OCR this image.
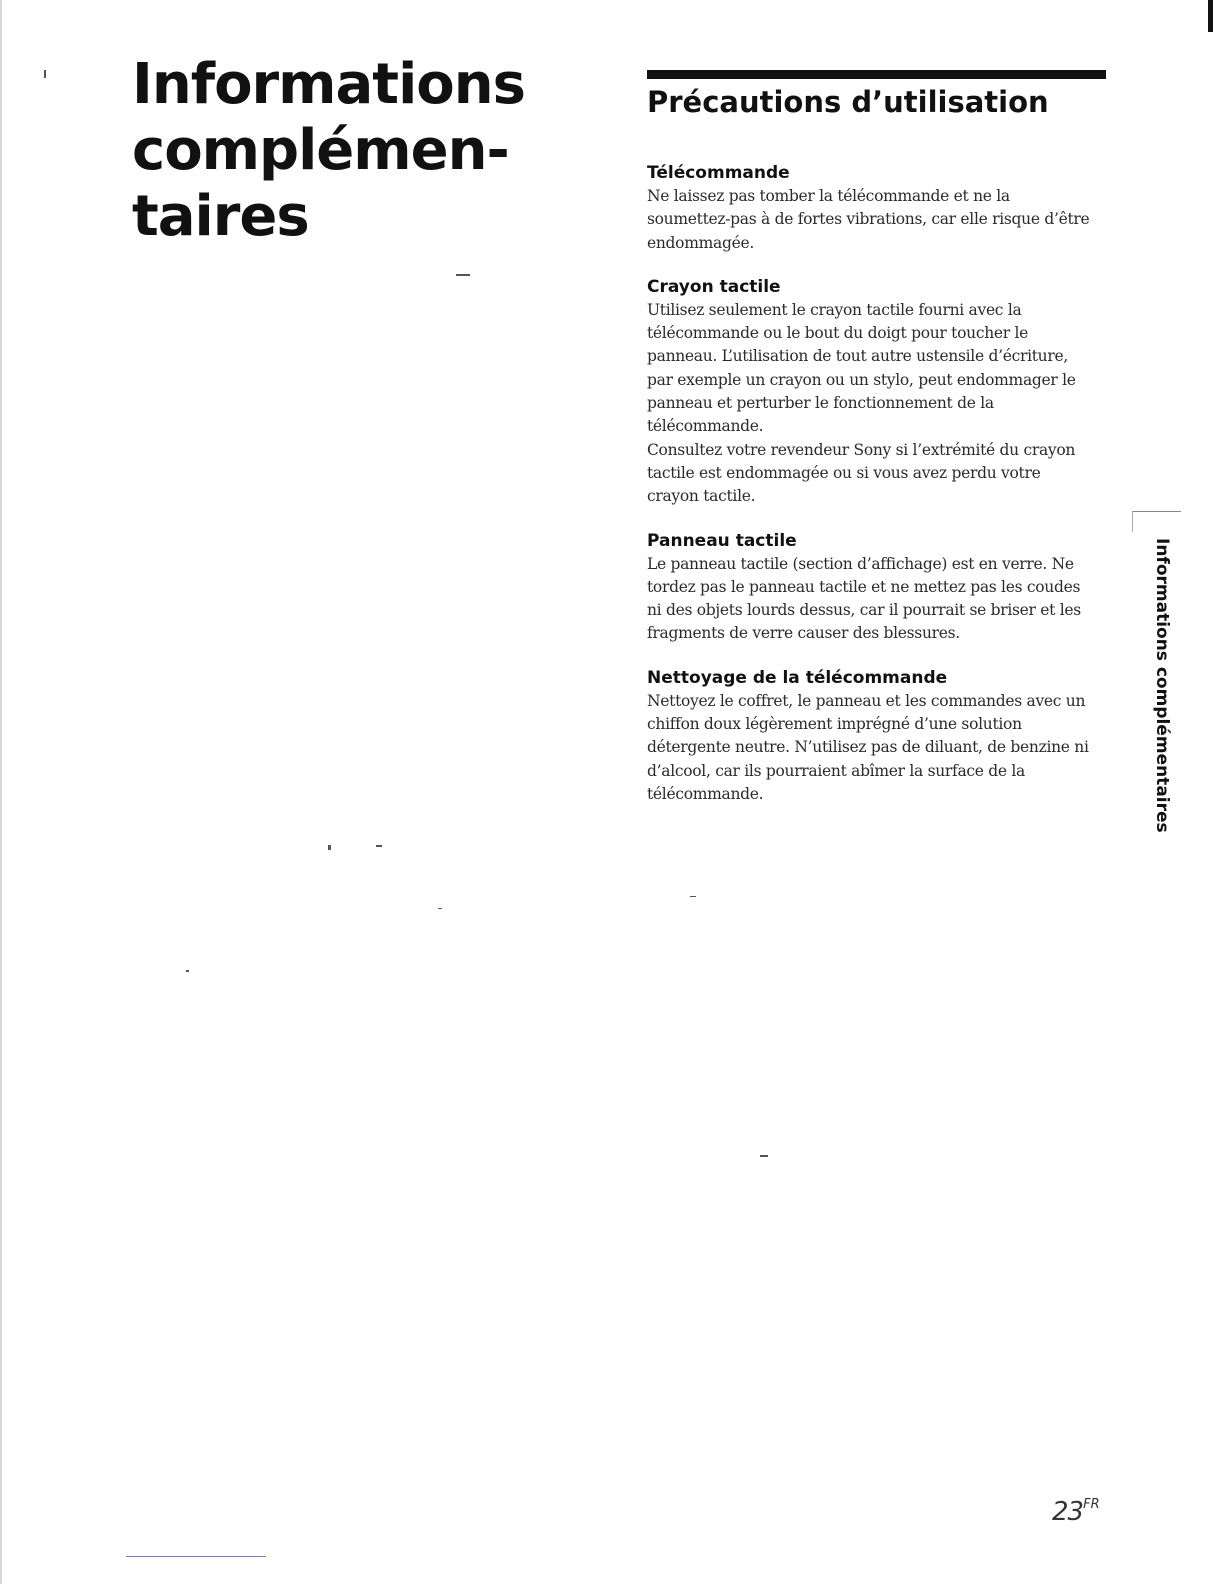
Informations
complémen-
taires
Précautions d’utilisation
Télécommande

Ne laissez pas tomber la télécommande et ne la
soumettez-pas à de fortes vibrations, car elle risque d’être
endommagée.

Crayon tactile

Utilisez seulement le crayon tactile fourni avec la
télécommande ou le bout du doigt pour toucher le
panneau. L’utilisation de tout autre ustensile d’écriture,
par exemple un crayon ou un stylo, peut endommager le
panneau et perturber le fonctionnement de la
télécommande.
Consultez votre revendeur Sony si l’extrémité du crayon
tactile est endommagée ou si vous avez perdu votre
crayon tactile.

Panneau tactile

Le panneau tactile (section d’affichage) est en verre. Ne
tordez pas le panneau tactile et ne mettez pas les coudes
ni des objets lourds dessus, car il pourrait se briser et les
fragments de verre causer des blessures.

Nettoyage de la télécommande

Nettoyez le coffret, le panneau et les commandes avec un
chiffon doux légèrement imprégné d’une solution
détergente neutre. N’utilisez pas de diluant, de benzine ni
d’alcool, car ils pourraient abîmer la surface de la
télécommande.	Informations complémentaires
$23^{FR}$
